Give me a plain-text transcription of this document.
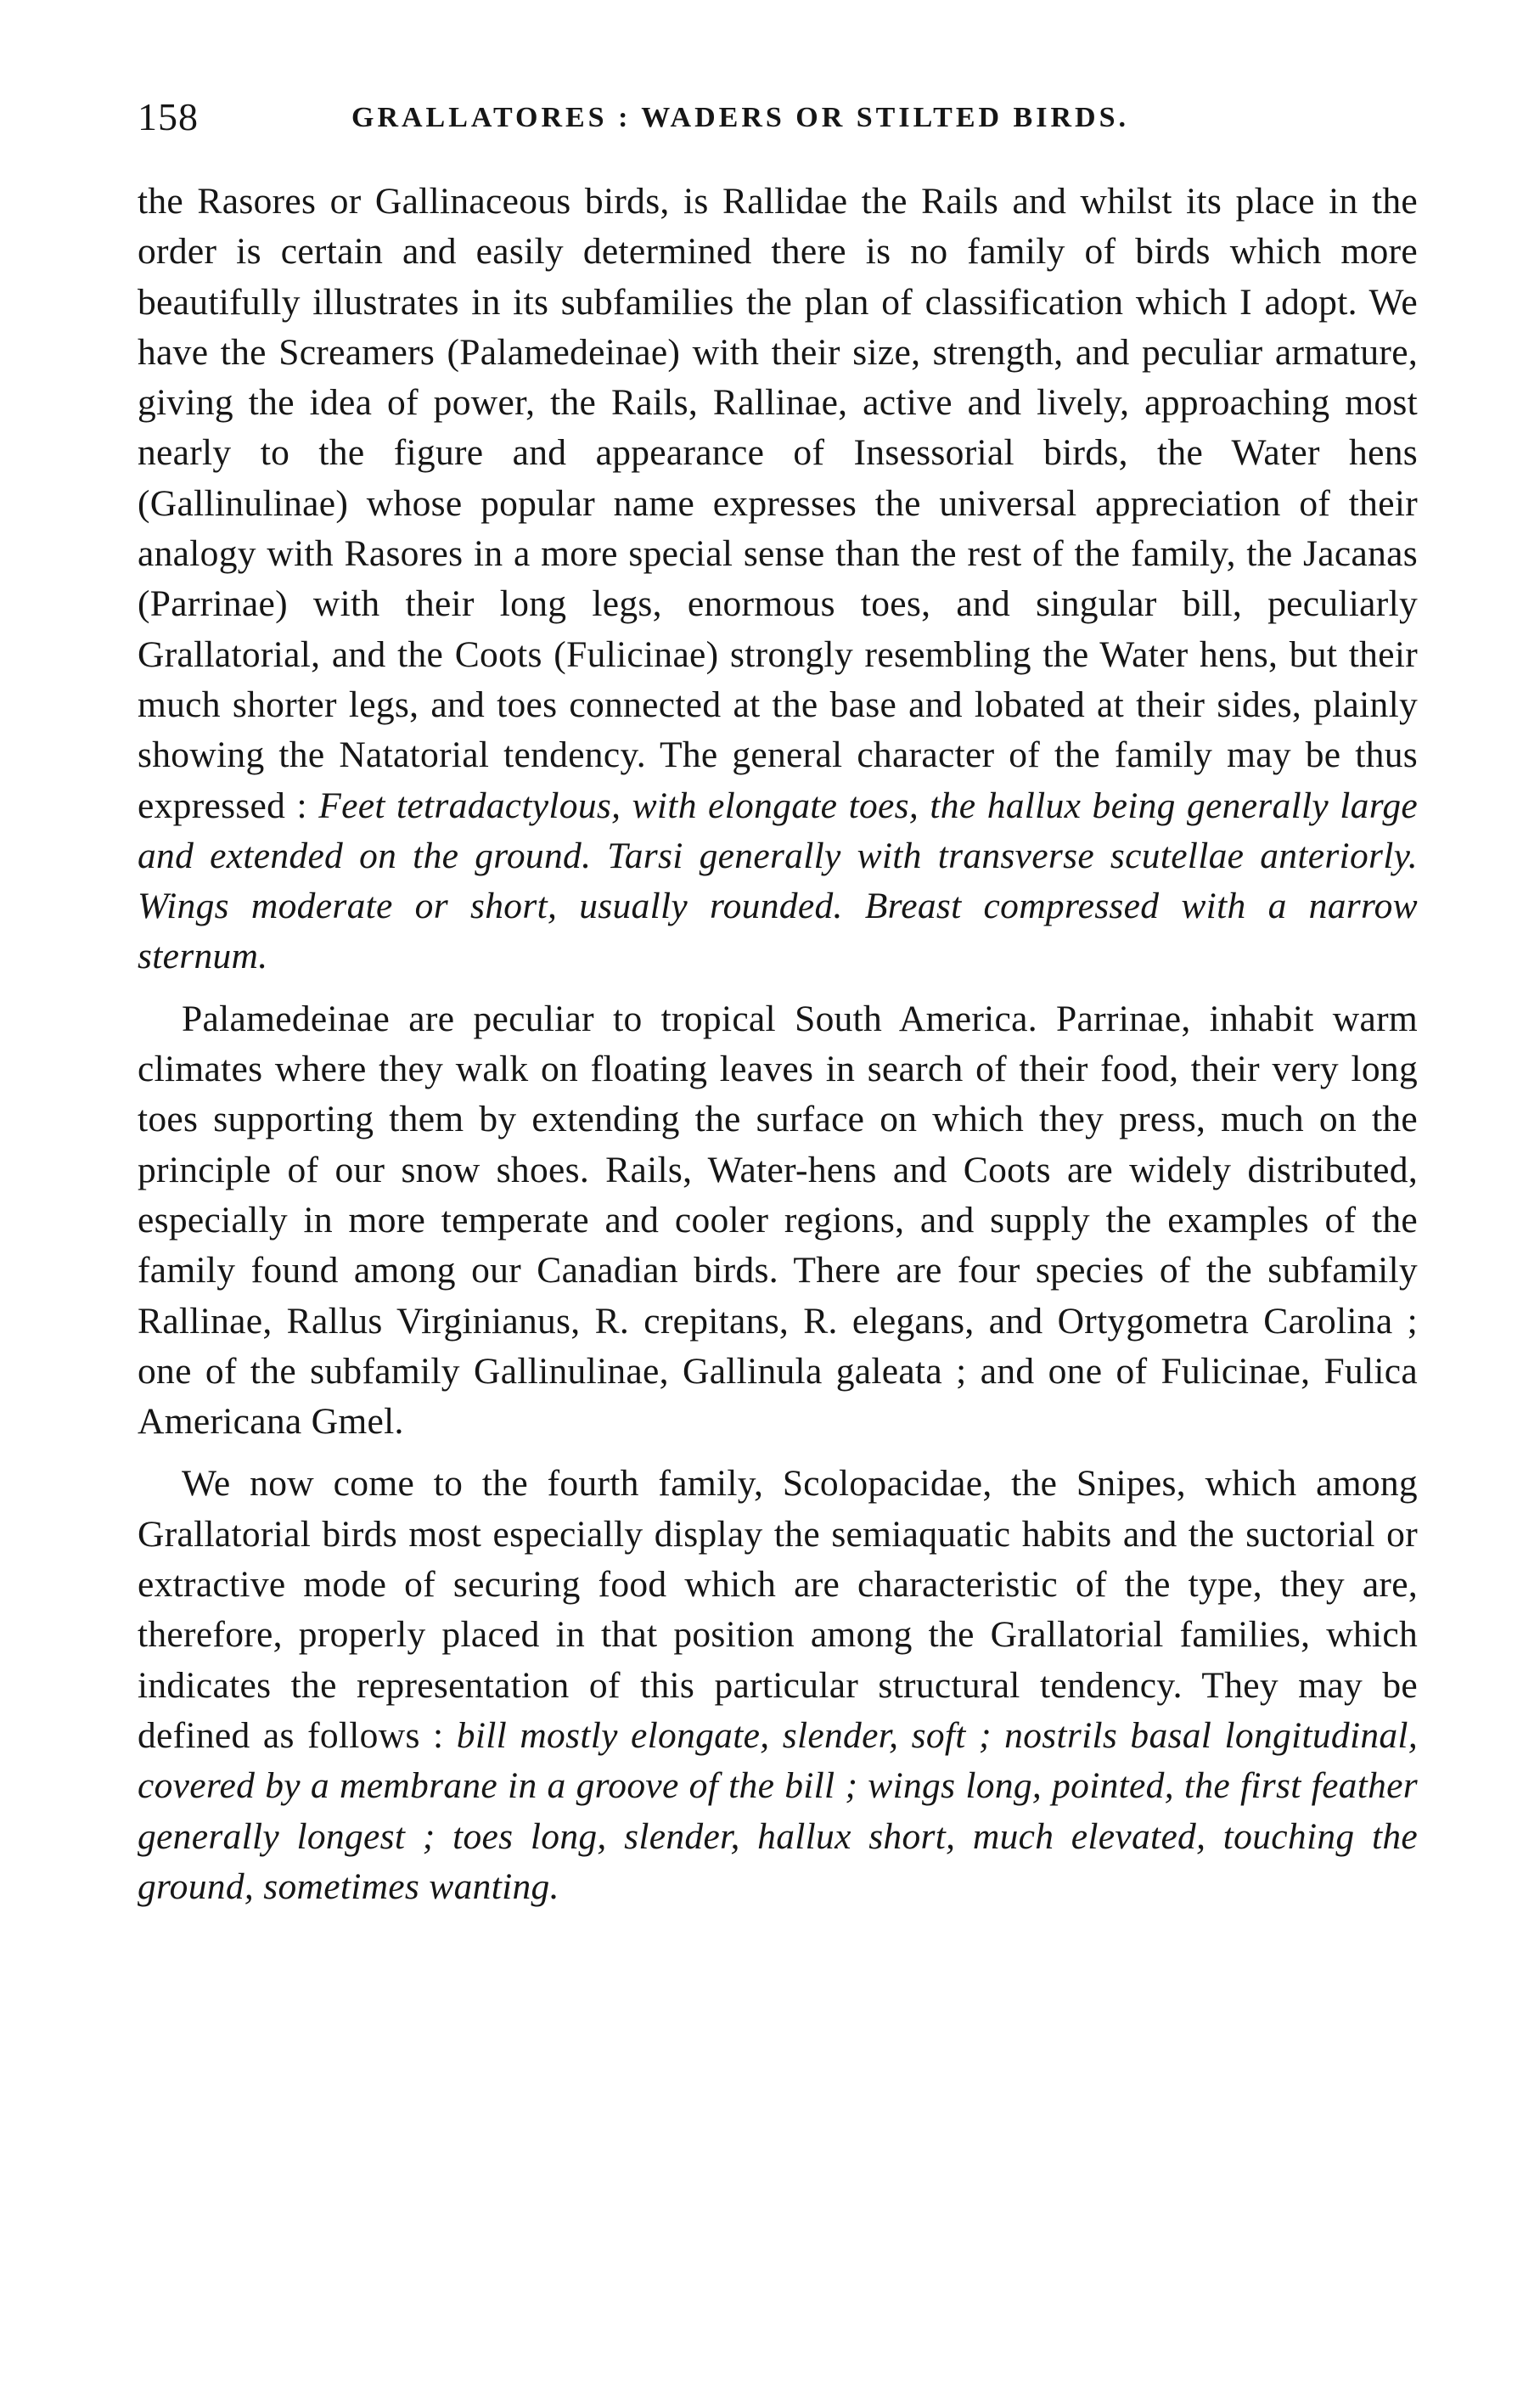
158	GRALLATORES : WADERS OR STILTED BIRDS.

the Rasores or Gallinaceous birds, is Rallidae the Rails and whilst its place in the order is certain and easily determined there is no family of birds which more beautifully illustrates in its subfamilies the plan of classification which I adopt. We have the Screamers (Palamedeinae) with their size, strength, and peculiar armature, giving the idea of power, the Rails, Rallinae, active and lively, approaching most nearly to the figure and appearance of Insessorial birds, the Water hens (Gallinulinae) whose popular name expresses the universal appreciation of their analogy with Rasores in a more special sense than the rest of the family, the Jacanas (Parrinae) with their long legs, enormous toes, and singular bill, peculiarly Grallatorial, and the Coots (Fulicinae) strongly resembling the Water hens, but their much shorter legs, and toes connected at the base and lobated at their sides, plainly showing the Natatorial tendency. The general character of the family may be thus expressed : Feet tetradactylous, with elongate toes, the hallux being generally large and extended on the ground. Tarsi generally with transverse scutellae anteriorly. Wings moderate or short, usually rounded. Breast compressed with a narrow sternum.

Palamedeinae are peculiar to tropical South America. Parrinae, inhabit warm climates where they walk on floating leaves in search of their food, their very long toes supporting them by extending the surface on which they press, much on the principle of our snow shoes. Rails, Water-hens and Coots are widely distributed, especially in more temperate and cooler regions, and supply the examples of the family found among our Canadian birds. There are four species of the subfamily Rallinae, Rallus Virginianus, R. crepitans, R. elegans, and Ortygometra Carolina ; one of the subfamily Gallinulinae, Gallinula galeata ; and one of Fulicinae, Fulica Americana Gmel.

We now come to the fourth family, Scolopacidae, the Snipes, which among Grallatorial birds most especially display the semiaquatic habits and the suctorial or extractive mode of securing food which are characteristic of the type, they are, therefore, properly placed in that position among the Grallatorial families, which indicates the representation of this particular structural tendency. They may be defined as follows : bill mostly elongate, slender, soft ; nostrils basal longitudinal, covered by a membrane in a groove of the bill ; wings long, pointed, the first feather generally longest ; toes long, slender, hallux short, much elevated, touching the ground, sometimes wanting.
